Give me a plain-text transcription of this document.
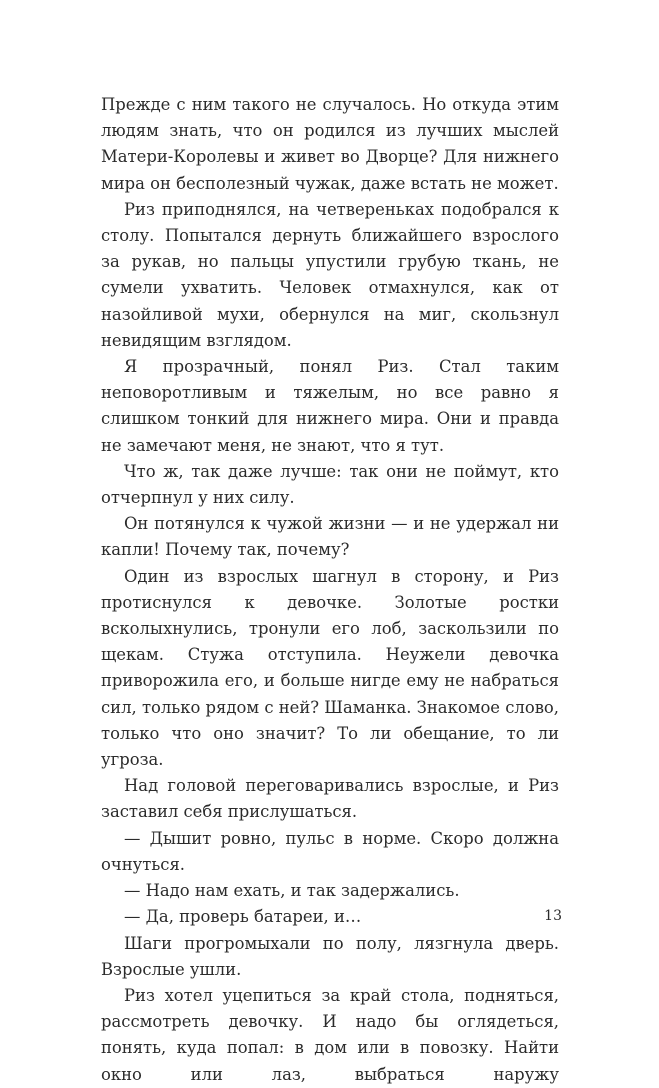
Прежде с ним такого не случалось. Но откуда этим людям знать, что он родился из лучших мыслей Матери-Королевы и живет во Дворце? Для нижнего мира он бесполезный чужак, даже встать не может.

Риз приподнялся, на четвереньках подобрался к столу. Попытался дернуть ближайшего взрослого за рукав, но пальцы упустили грубую ткань, не сумели ухватить. Человек отмахнулся, как от назойливой мухи, обернулся на миг, скользнул невидящим взглядом.

Я прозрачный, понял Риз. Стал таким неповоротливым и тяжелым, но все равно я слишком тонкий для нижнего мира. Они и правда не замечают меня, не знают, что я тут.

Что ж, так даже лучше: так они не поймут, кто отчерпнул у них силу.

Он потянулся к чужой жизни — и не удержал ни капли! Почему так, почему?

Один из взрослых шагнул в сторону, и Риз протиснулся к девочке. Золотые ростки всколыхнулись, тронули его лоб, заскользили по щекам. Стужа отступила. Неужели девочка приворожила его, и больше нигде ему не набраться сил, только рядом с ней? Шаманка. Знакомое слово, только что оно значит? То ли обещание, то ли угроза.

Над головой переговаривались взрослые, и Риз заставил себя прислушаться.

— Дышит ровно, пульс в норме. Скоро должна очнуться.

— Надо нам ехать, и так задержались.

— Да, проверь батареи, и…

Шаги прогромыхали по полу, лязгнула дверь. Взрослые ушли.

Риз хотел уцепиться за край стола, подняться, рассмотреть девочку. И надо бы оглядеться, понять, куда попал: в дом или в повозку. Найти окно или лаз, выбраться наружу

13
